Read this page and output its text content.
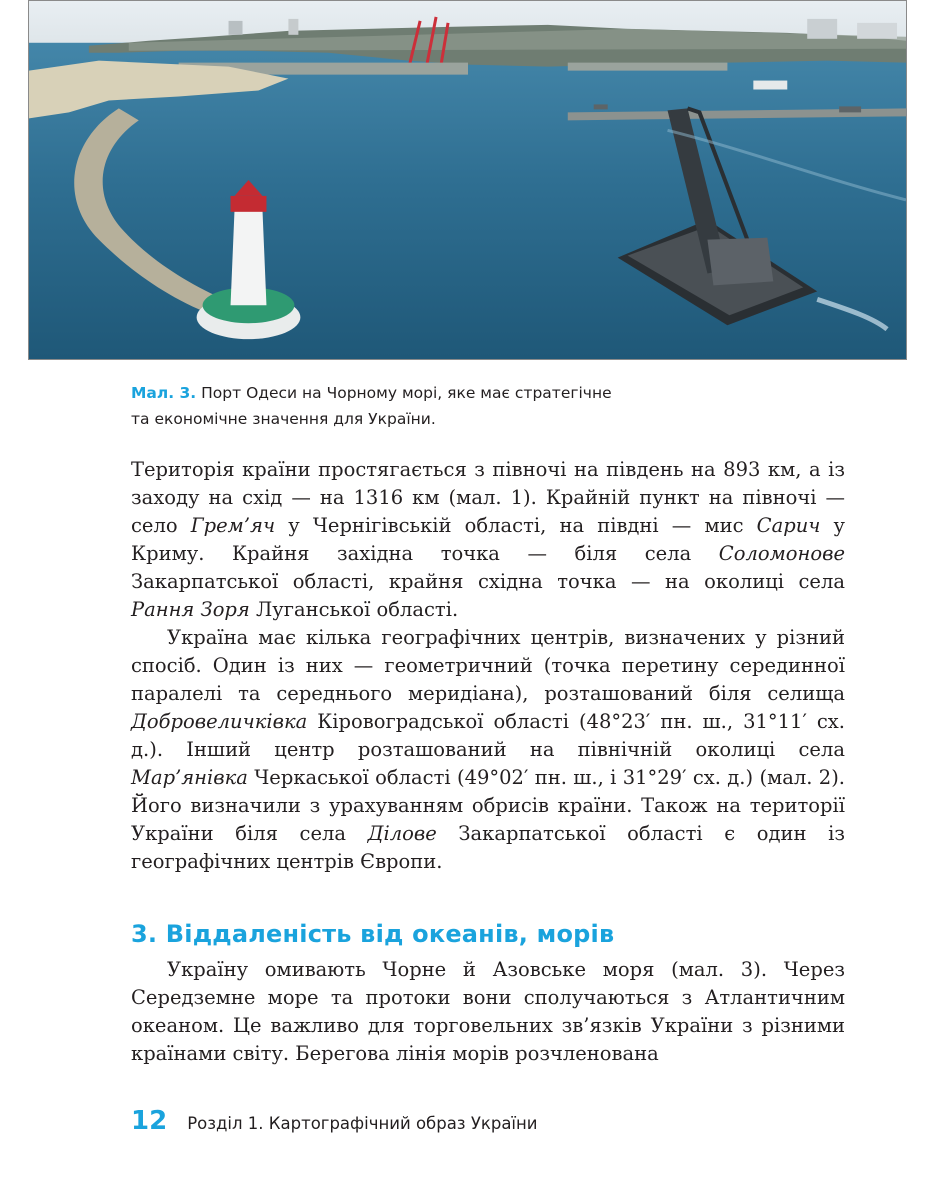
Мал. 3. Порт Одеси на Чорному морі, яке має стратегічне
та економічне значення для України.

Територія країни простягається з півночі на південь на 893 км, а із заходу на схід — на 1316 км (мал. 1). Крайній пункт на півночі — село Грем’яч у Чернігівській області, на півдні — мис Сарич у Криму. Крайня західна точка — біля села Соломонове Закарпатської області, крайня східна точка — на околиці села Рання Зоря Луганської області.

Україна має кілька географічних центрів, визначених у різний спосіб. Один із них — геометричний (точка перетину серединної паралелі та середнього меридіана), розташований біля селища Добровеличківка Кіровоградської області (48°23′ пн. ш., 31°11′ сх. д.). Інший центр розташований на північній околиці села Мар’янівка Черкаської області (49°02′ пн. ш., і 31°29′ сх. д.) (мал. 2). Його визначили з урахуванням обрисів країни. Також на території України біля села Ділове Закарпатської області є один із географічних центрів Європи.

3. Віддаленість від океанів, морів

Україну омивають Чорне й Азовське моря (мал. 3). Через Середземне море та протоки вони сполучаються з Атлантичним океаном. Це важливо для торговельних зв’язків України з різними країнами світу. Берегова лінія морів розчленована

12 Розділ 1. Картографічний образ України
